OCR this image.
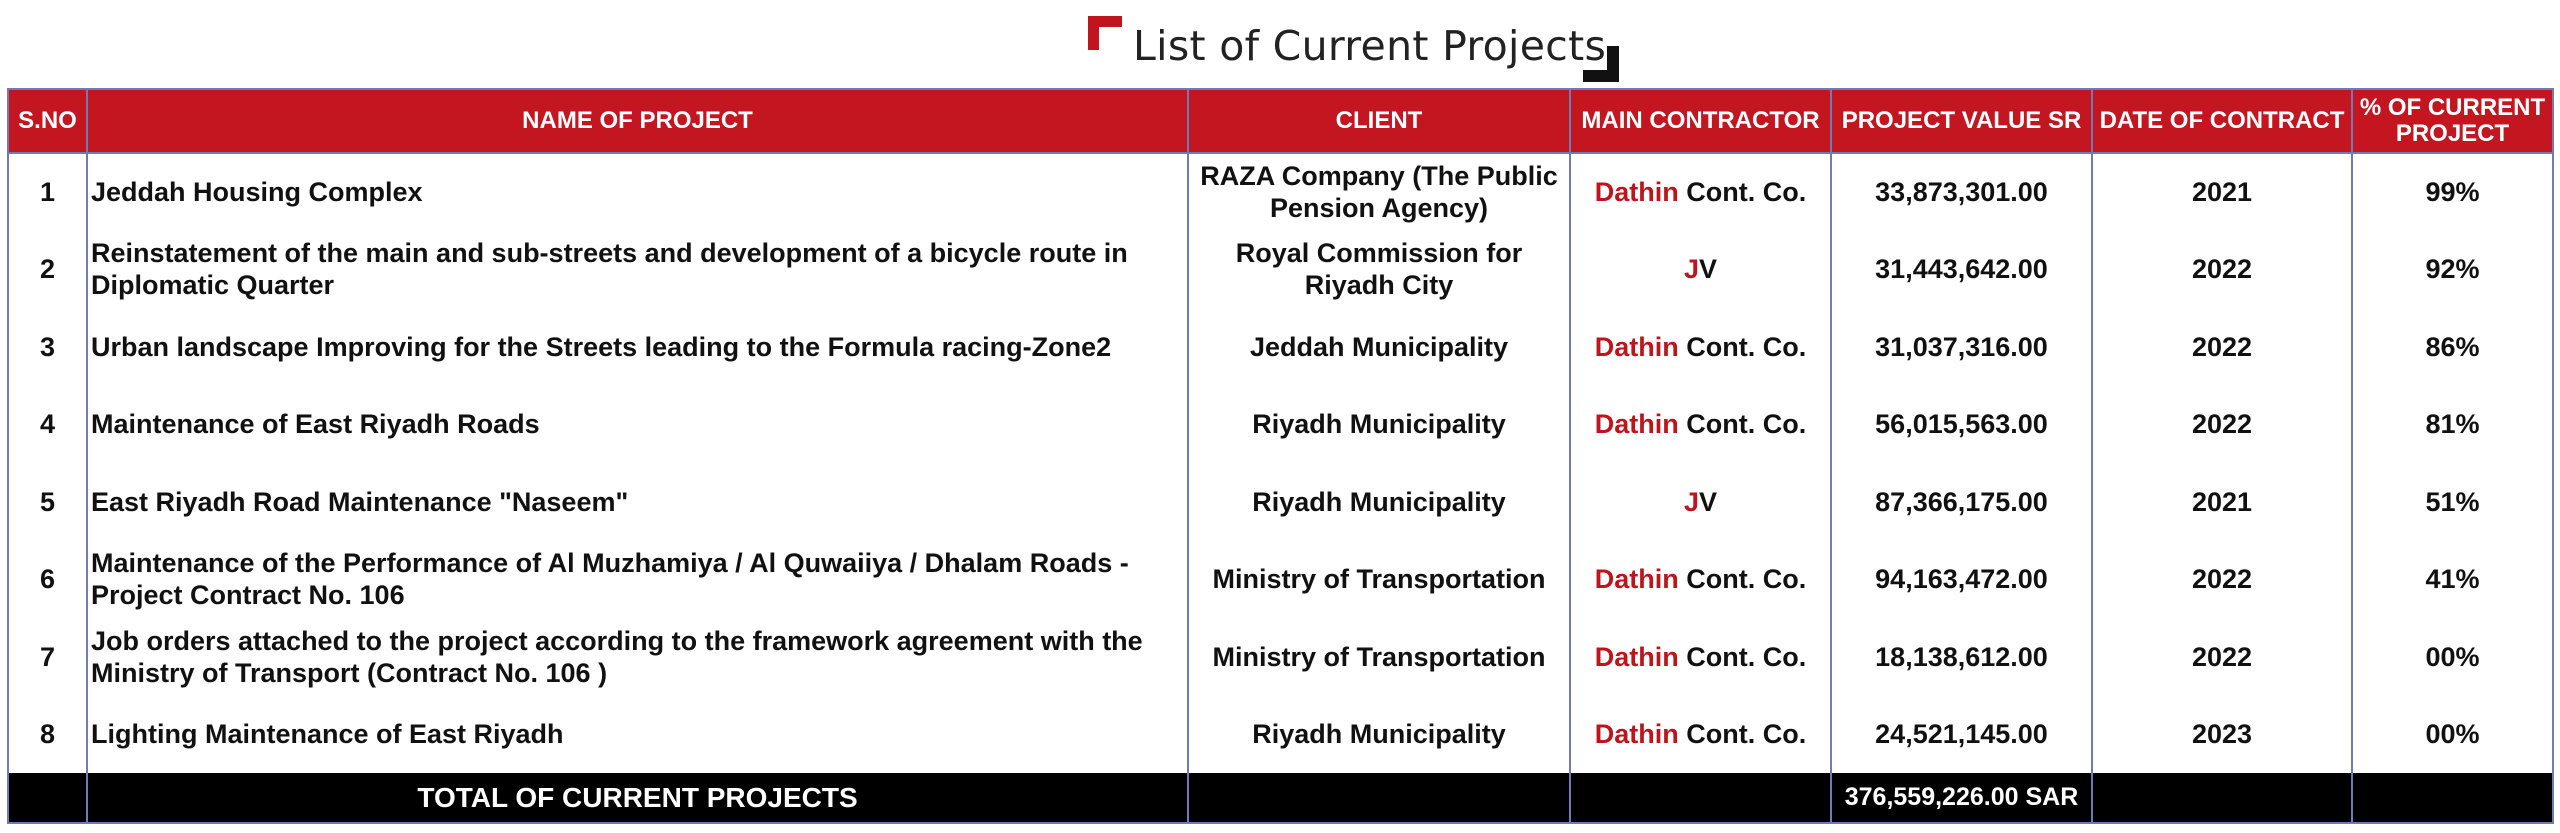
List of Current Projects
S.NO	NAME OF PROJECT	CLIENT	MAIN CONTRACTOR	PROJECT VALUE SR	DATE OF CONTRACT	% OF CURRENT PROJECT
1	Jeddah Housing Complex	RAZA Company (The Public Pension Agency)	Dathin Cont. Co.	33,873,301.00	2021	99%
2	Reinstatement of the main and sub-streets and development of a bicycle route in Diplomatic Quarter	Royal Commission for Riyadh City	JV	31,443,642.00	2022	92%
3	Urban landscape Improving for the Streets leading to the Formula racing-Zone2	Jeddah Municipality	Dathin Cont. Co.	31,037,316.00	2022	86%
4	Maintenance of East Riyadh Roads	Riyadh Municipality	Dathin Cont. Co.	56,015,563.00	2022	81%
5	East Riyadh Road Maintenance "Naseem"	Riyadh Municipality	JV	87,366,175.00	2021	51%
6	Maintenance of the Performance of Al Muzhamiya / Al Quwaiiya / Dhalam Roads - Project Contract No. 106	Ministry of Transportation	Dathin Cont. Co.	94,163,472.00	2022	41%
7	Job orders attached to the project according to the framework agreement with the Ministry of Transport (Contract No. 106 )	Ministry of Transportation	Dathin Cont. Co.	18,138,612.00	2022	00%
8	Lighting Maintenance of East Riyadh	Riyadh Municipality	Dathin Cont. Co.	24,521,145.00	2023	00%
	TOTAL OF CURRENT PROJECTS			376,559,226.00 SAR		
